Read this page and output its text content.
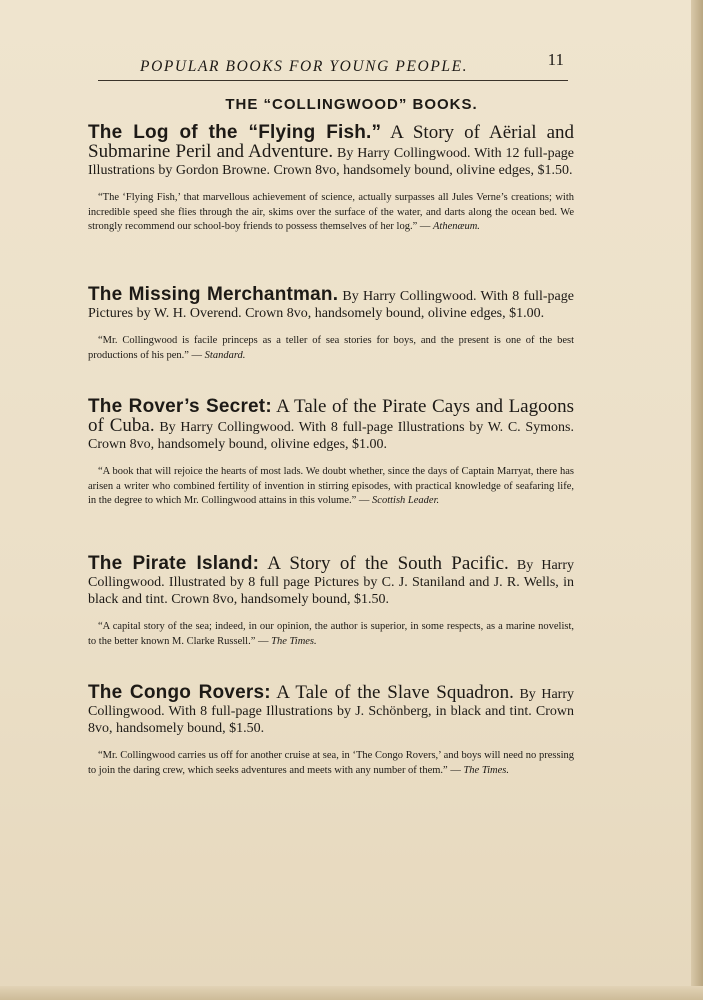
POPULAR BOOKS FOR YOUNG PEOPLE.	11
THE “COLLINGWOOD” BOOKS.

The Log of the “Flying Fish.” A Story of Aërial and Submarine Peril and Adventure. By Harry Collingwood. With 12 full-page Illustrations by Gordon Browne. Crown 8vo, handsomely bound, olivine edges, $1.50.

“The ‘Flying Fish,’ that marvellous achievement of science, actually surpasses all Jules Verne’s creations; with incredible speed she flies through the air, skims over the surface of the water, and darts along the ocean bed. We strongly recommend our school-boy friends to possess themselves of her log.” — Athenæum.

The Missing Merchantman. By Harry Collingwood. With 8 full-page Pictures by W. H. Overend. Crown 8vo, handsomely bound, olivine edges, $1.00.

“Mr. Collingwood is facile princeps as a teller of sea stories for boys, and the present is one of the best productions of his pen.” — Standard.

The Rover’s Secret: A Tale of the Pirate Cays and Lagoons of Cuba. By Harry Collingwood. With 8 full-page Illustrations by W. C. Symons. Crown 8vo, handsomely bound, olivine edges, $1.00.

“A book that will rejoice the hearts of most lads. We doubt whether, since the days of Captain Marryat, there has arisen a writer who combined fertility of invention in stirring episodes, with practical knowledge of seafaring life, in the degree to which Mr. Collingwood attains in this volume.” — Scottish Leader.

The Pirate Island: A Story of the South Pacific. By Harry Collingwood. Illustrated by 8 full page Pictures by C. J. Staniland and J. R. Wells, in black and tint. Crown 8vo, handsomely bound, $1.50.

“A capital story of the sea; indeed, in our opinion, the author is superior, in some respects, as a marine novelist, to the better known M. Clarke Russell.” — The Times.

The Congo Rovers: A Tale of the Slave Squadron. By Harry Collingwood. With 8 full-page Illustrations by J. Schönberg, in black and tint. Crown 8vo, handsomely bound, $1.50.

“Mr. Collingwood carries us off for another cruise at sea, in ‘The Congo Rovers,’ and boys will need no pressing to join the daring crew, which seeks adventures and meets with any number of them.” — The Times.
